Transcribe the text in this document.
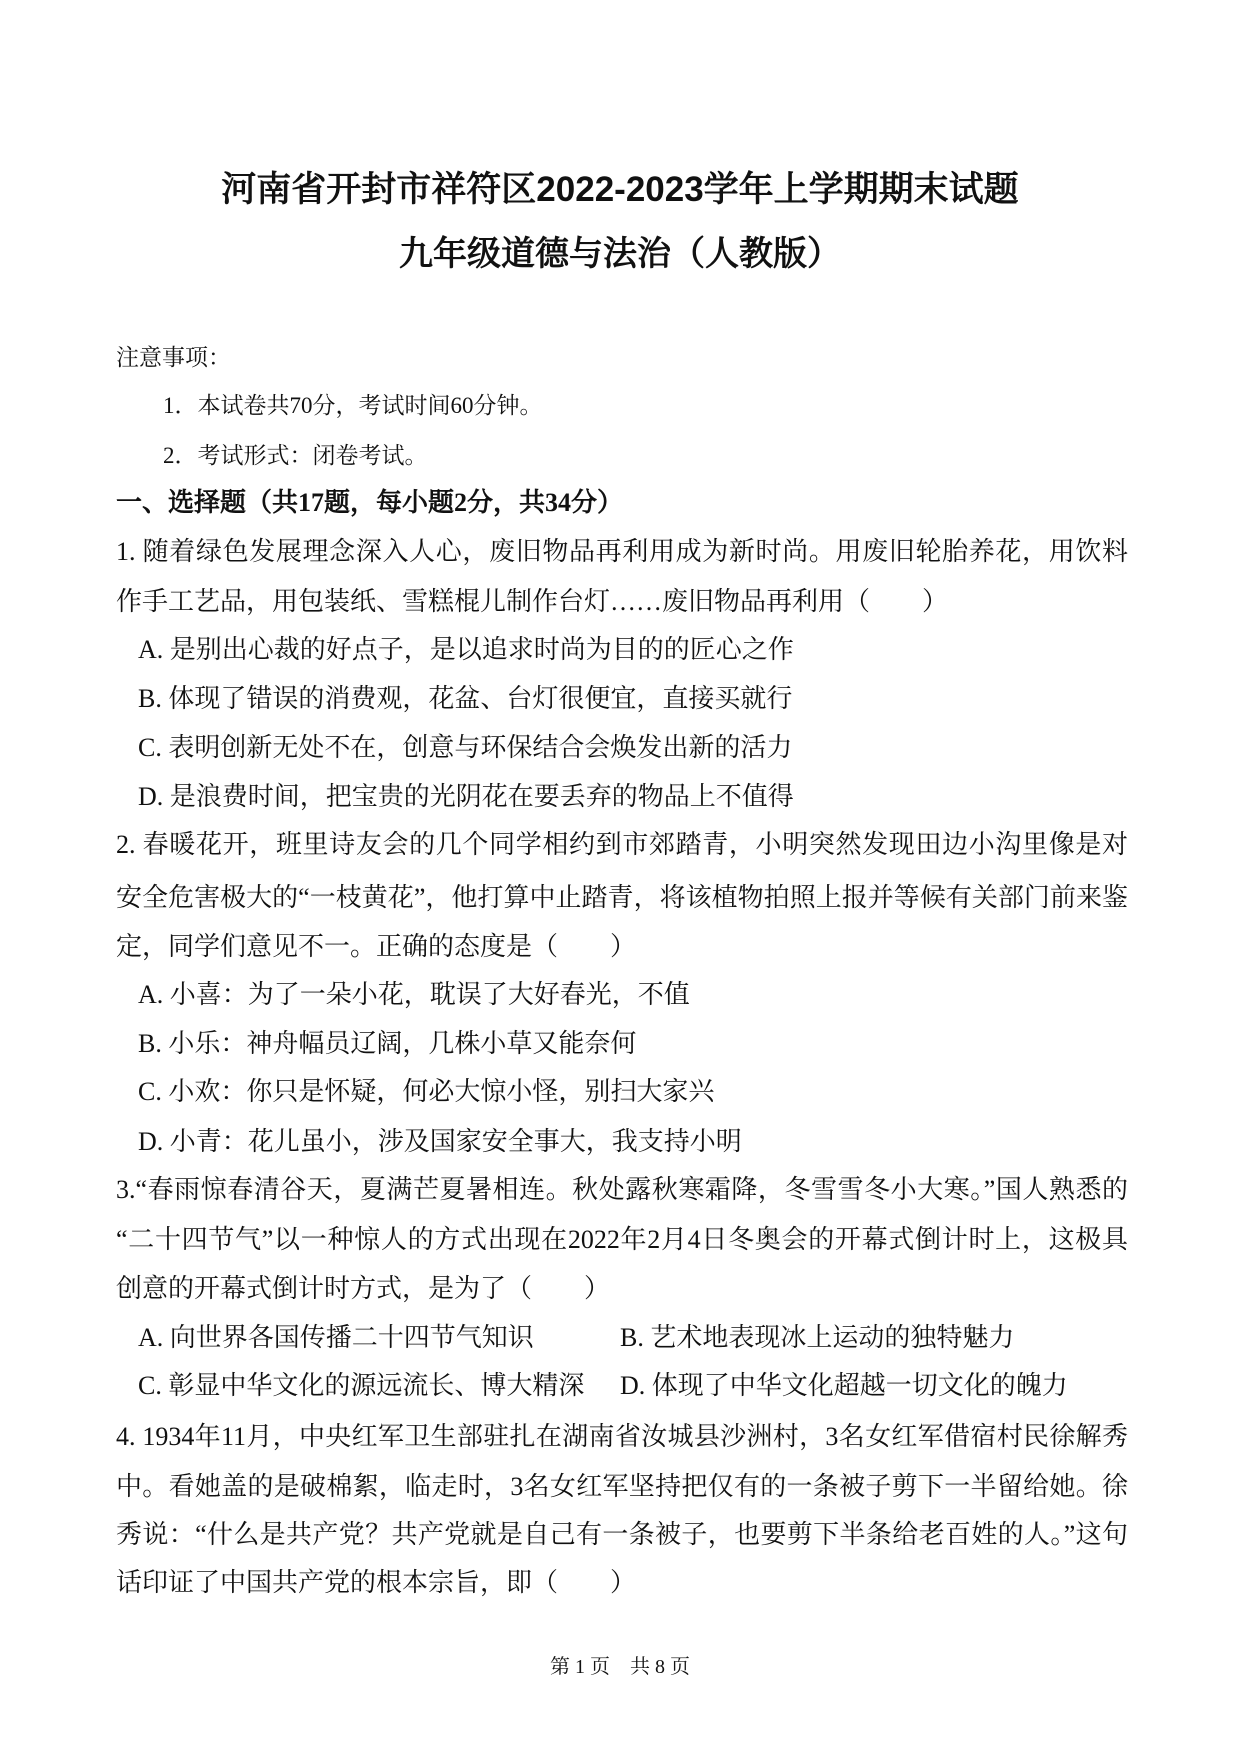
河南省开封市祥符区2022-2023学年上学期期末试题
九年级道德与法治（人教版）
注意事项：
1．本试卷共70分，考试时间60分钟。
2．考试形式：闭卷考试。
一、选择题（共17题，每小题2分，共34分）
1. 随着绿色发展理念深入人心，废旧物品再利用成为新时尚。用废旧轮胎养花，用饮料
作手工艺品，用包装纸、雪糕棍儿制作台灯……废旧物品再利用（　　）
A. 是别出心裁的好点子，是以追求时尚为目的的匠心之作
B. 体现了错误的消费观，花盆、台灯很便宜，直接买就行
C. 表明创新无处不在，创意与环保结合会焕发出新的活力
D. 是浪费时间，把宝贵的光阴花在要丢弃的物品上不值得
2. 春暖花开，班里诗友会的几个同学相约到市郊踏青，小明突然发现田边小沟里像是对
安全危害极大的“一枝黄花”，他打算中止踏青，将该植物拍照上报并等候有关部门前来鉴
定，同学们意见不一。正确的态度是（　　）
A. 小喜：为了一朵小花，耽误了大好春光，不值
B. 小乐：神舟幅员辽阔，几株小草又能奈何
C. 小欢：你只是怀疑，何必大惊小怪，别扫大家兴
D. 小青：花儿虽小，涉及国家安全事大，我支持小明
3.“春雨惊春清谷天，夏满芒夏暑相连。秋处露秋寒霜降，冬雪雪冬小大寒。”国人熟悉的
“二十四节气”以一种惊人的方式出现在2022年2月4日冬奥会的开幕式倒计时上，这极具
创意的开幕式倒计时方式，是为了（　　）
A. 向世界各国传播二十四节气知识	B. 艺术地表现冰上运动的独特魅力
C. 彰显中华文化的源远流长、博大精深 D. 体现了中华文化超越一切文化的魄力
4. 1934年11月，中央红军卫生部驻扎在湖南省汝城县沙洲村，3名女红军借宿村民徐解秀
中。看她盖的是破棉絮，临走时，3名女红军坚持把仅有的一条被子剪下一半留给她。徐
秀说：“什么是共产党？共产党就是自己有一条被子，也要剪下半条给老百姓的人。”这句
话印证了中国共产党的根本宗旨，即（　　）
第 1 页　共 8 页
